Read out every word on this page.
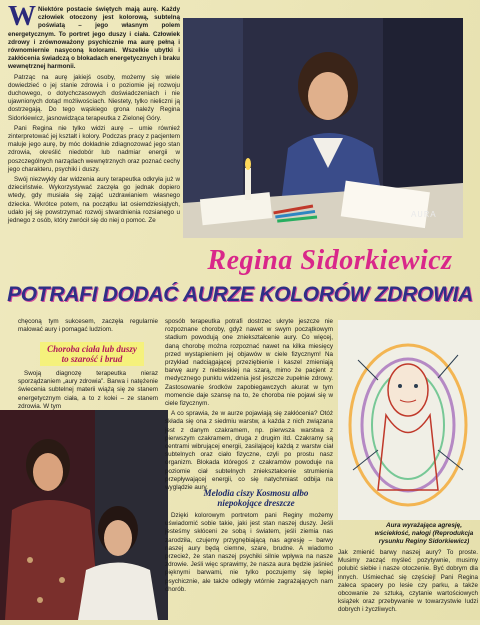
W Niektóre postacie świętych mają aurę. Każdy człowiek otoczony jest kolorową, subtelną poświatą – jego własnym polem energetycznym. To portret jego duszy i ciała. Człowiek zdrowy i zrównoważony psychicznie ma aurę pełną i równomiernie nasyconą kolorami. Wszelkie ubytki i zakłócenia świadczą o blokadach energetycznych i braku wewnętrznej harmonii.

Patrząc na aurę jakiejś osoby, możemy się wiele dowiedzieć o jej stanie zdrowia i o poziomie jej rozwoju duchowego, o dotychczasowych doświadczeniach i nie ujawnionych dotąd możliwościach. Niestety, tylko nieliczni ją dostrzegają. Do tego wąskiego grona należy Regina Sidorkiewicz, jasnowidząca terapeutka z Zielonej Góry.

Pani Regina nie tylko widzi aurę – umie również zinterpretować jej kształt i kolory. Podczas pracy z pacjentem maluje jego aurę, by móc dokładnie zdiagnozować jego stan zdrowia, określić niedobór lub nadmiar energii w poszczególnych narządach wewnętrznych oraz poznać cechy jego charakteru, psychiki i duszy.

Swój niezwykły dar widzenia aury terapeutka odkryła już w dzieciństwie. Wykorzystywać zaczęła go jednak dopiero wtedy, gdy musiała się zająć uzdrawianiem własnego dziecka. Wkrótce potem, na początku lat osiemdziesiątych, udało jej się powstrzymać rozwój stwardnienia rozsianego u jednego z osób, który zwrócił się do niej o pomoc. Ze

AURA
Regina Sidorkiewicz
POTRAFI DODAĆ AURZE KOLORÓW ZDROWIA

chęconą tym sukcesem, zaczęła regularnie malować aury i pomagać ludziom.

Choroba ciała lub duszy to szarość i brud

Swoją diagnozę terapeutka nieraz sporządzaniem „aury zdrowia”. Barwa i natężenie świecenia subtelnej materii wiążą się ze stanem energetycznym ciała, a to z kolei – ze stanem zdrowia. W tym

sposób terapeutka potrafi dostrzec ukryte jeszcze nie rozpoznane choroby, gdyż nawet w swym początkowym stadium powodują one zniekształcenie aury. Co więcej, daną chorobę można rozpoznać nawet na kilka miesięcy przed wystąpieniem jej objawów w ciele fizycznym! Na przykład nadciągającej przeziębienie i kaszel zmieniają barwę aury z niebieskiej na szarą, mimo że pacjent z medycznego punktu widzenia jest jeszcze zupełnie zdrowy. Zastosowanie środków zapobiegawczych akurat w tym momencie daje szansę na to, że choroba nie pojawi się w ciele fizycznym.

A co sprawia, że w aurze pojawiają się zakłócenia? Otóż składa się ona z siedmiu warstw, a każda z nich związana jest z danym czakramem, np. pierwsza warstwa z pierwszym czakramem, druga z drugim itd. Czakramy są centrami wibrującej energii, zasilającej każdą z warstw ciał subtelnych oraz ciało fizyczne, czyli po prostu nasz organizm. Blokada któregoś z czakramów powoduje na poziomie ciał subtelnych zniekształcenie strumienia przepływającej energii, co się natychmiast odbija na wyglądzie aury.

Melodia ciszy Kosmosu albo niepokojące dreszcze

Dzięki kolorowym portretom pani Reginy możemy uświadomić sobie takie, jaki jest stan naszej duszy. Jeśli jesteśmy skłóceni ze sobą i światem, jeśli ziemia nas zarodziła, czujemy przygnębiającą nas agresję – barwy naszej aury będą ciemne, szare, brudne. A wiadomo przecież, że stan naszej psychiki silnie wpływa na nasze zdrowie. Jeśli więc sprawimy, że nasza aura będzie jaśnieć pięknymi barwami, nie tylko poczujemy się lepiej psychicznie, ale także odległy wtórnie zagrażających nam chorób.

Aura wyrażająca agresję, wściekłość, nałogi (Reprodukcja rysunku Reginy Sidorkiewicz)

Jak zmienić barwy naszej aury? To proste. Musimy zacząć myśleć pozytywnie, musimy polubić siebie i nasze otoczenie. Być dobrym dla innych. Uśmiechać się częściej! Pani Regina zaleca spacery po lesie czy parku, a także obcowanie ze sztuką, czytanie wartościowych książek oraz przebywanie w towarzystwie ludzi dobrych i życzliwych.
